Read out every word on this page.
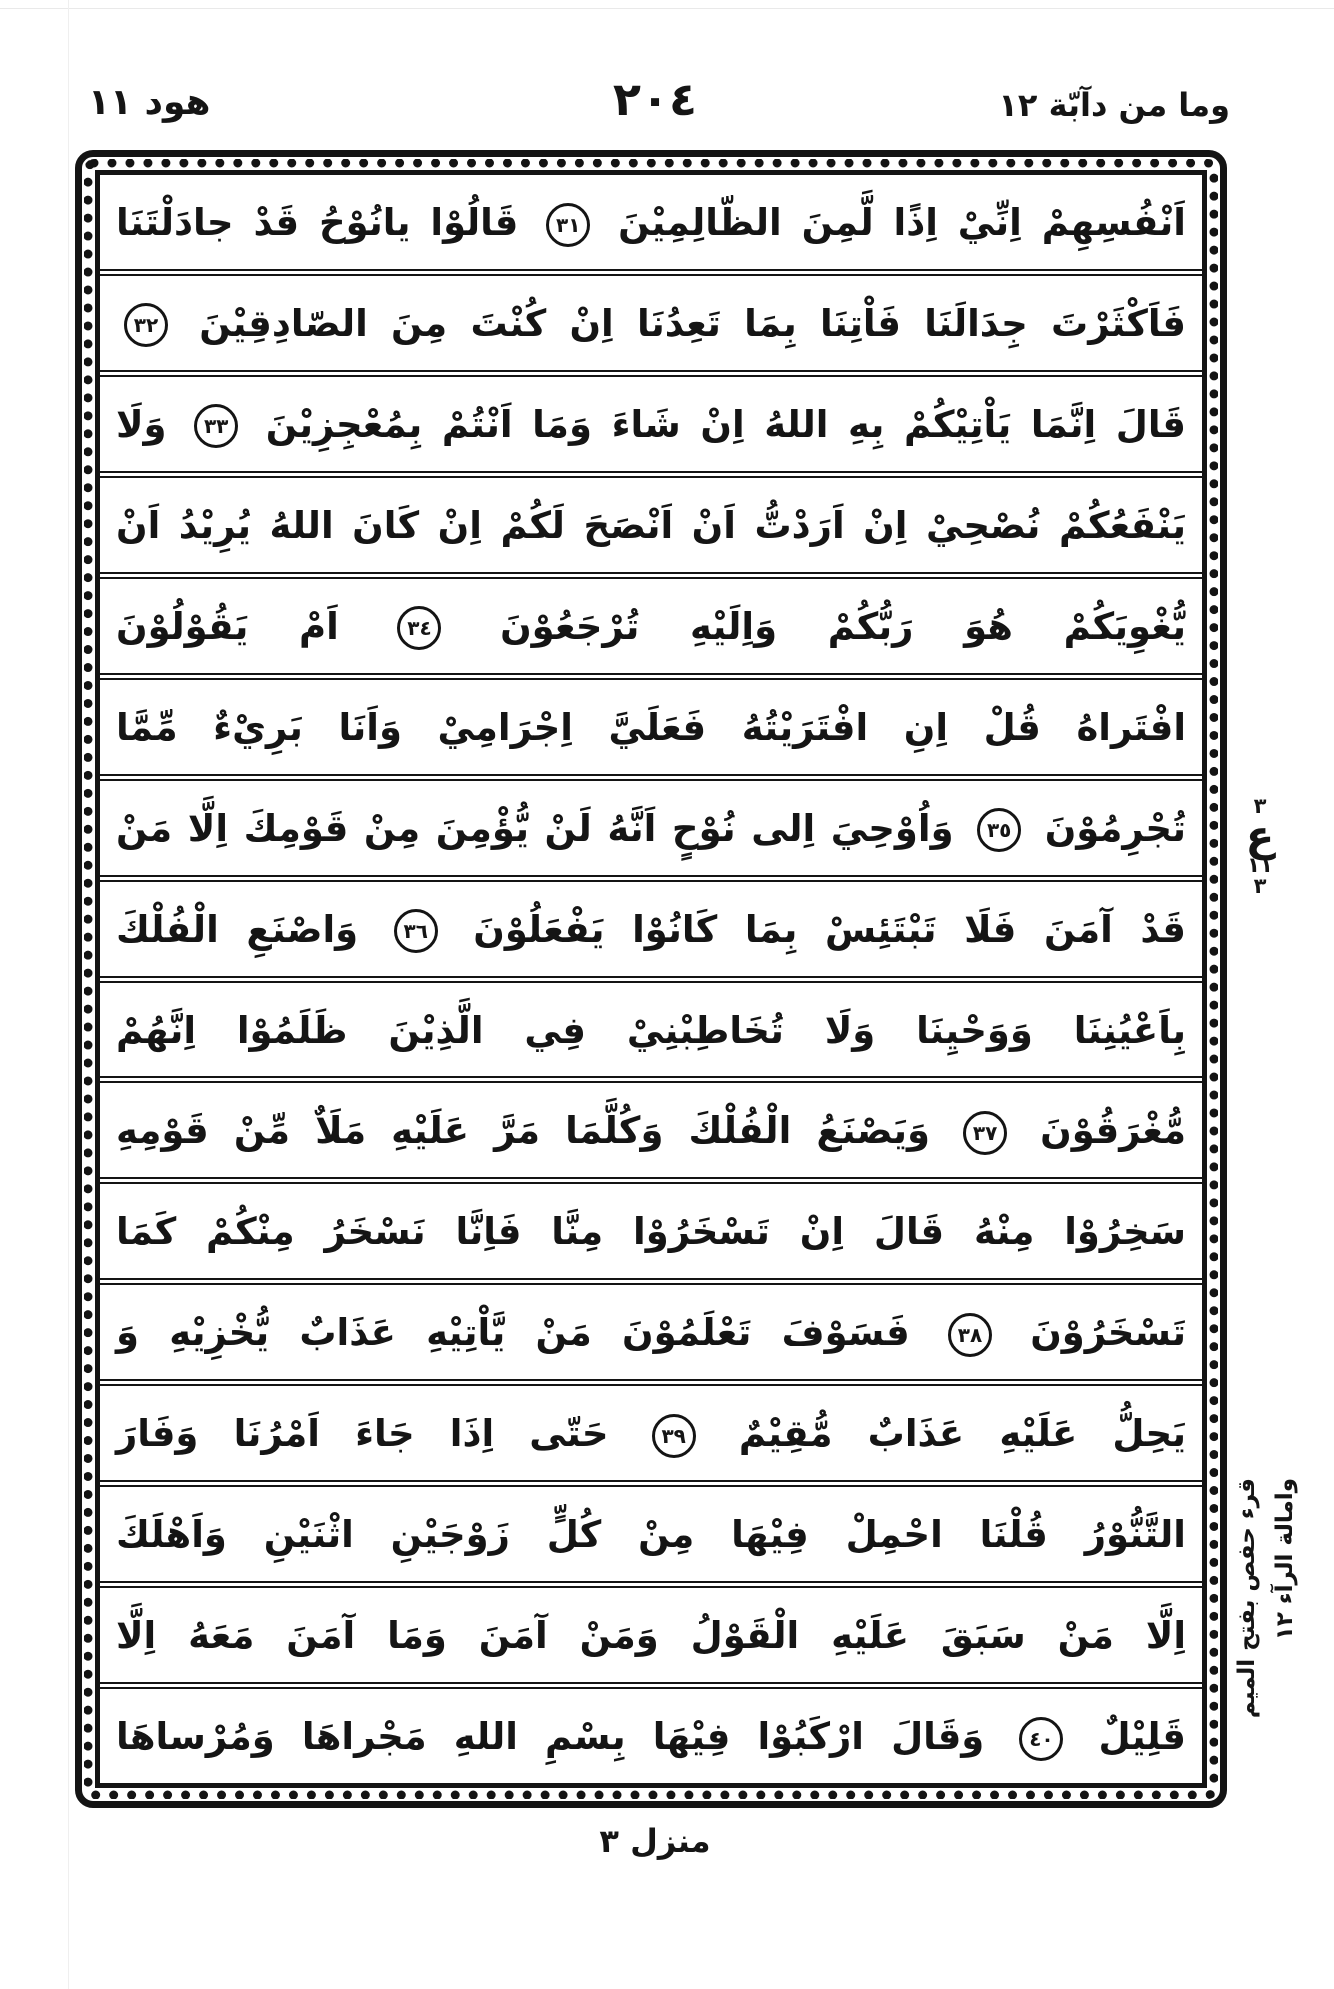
وما من دآبّة ١٢
٢٠٤
هود ١١
اَنْفُسِهِمْ اِنِّيْ اِذًا لَّمِنَ الظّالِمِيْنَ ٣١ قَالُوْا يانُوْحُ قَدْ جادَلْتَنَا
فَاَكْثَرْتَ جِدَالَنَا فَاْتِنَا بِمَا تَعِدُنَا اِنْ كُنْتَ مِنَ الصّادِقِيْنَ ٣٢
قَالَ اِنَّمَا يَاْتِيْكُمْ بِهِ اللهُ اِنْ شَاءَ وَمَا اَنْتُمْ بِمُعْجِزِيْنَ ٣٣ وَلَا
يَنْفَعُكُمْ نُصْحِيْ اِنْ اَرَدْتُّ اَنْ اَنْصَحَ لَكُمْ اِنْ كَانَ اللهُ يُرِيْدُ اَنْ
يُّغْوِيَكُمْ هُوَ رَبُّكُمْ وَاِلَيْهِ تُرْجَعُوْنَ ٣٤ اَمْ يَقُوْلُوْنَ
افْتَراهُ قُلْ اِنِ افْتَرَيْتُهُ فَعَلَيَّ اِجْرَامِيْ وَاَنَا بَرِيْءٌ مِّمَّا
تُجْرِمُوْنَ ٣٥ وَاُوْحِيَ اِلى نُوْحٍ اَنَّهُ لَنْ يُّؤْمِنَ مِنْ قَوْمِكَ اِلَّا مَنْ
قَدْ آمَنَ فَلَا تَبْتَئِسْ بِمَا كَانُوْا يَفْعَلُوْنَ ٣٦ وَاصْنَعِ الْفُلْكَ
بِاَعْيُنِنَا وَوَحْيِنَا وَلَا تُخَاطِبْنِيْ فِي الَّذِيْنَ ظَلَمُوْا اِنَّهُمْ
مُّغْرَقُوْنَ ٣٧ وَيَصْنَعُ الْفُلْكَ وَكُلَّمَا مَرَّ عَلَيْهِ مَلَاٌ مِّنْ قَوْمِهِ
سَخِرُوْا مِنْهُ قَالَ اِنْ تَسْخَرُوْا مِنَّا فَاِنَّا نَسْخَرُ مِنْكُمْ كَمَا
تَسْخَرُوْنَ ٣٨ فَسَوْفَ تَعْلَمُوْنَ مَنْ يَّاْتِيْهِ عَذَابٌ يُّخْزِيْهِ وَ
يَحِلُّ عَلَيْهِ عَذَابٌ مُّقِيْمٌ ٣٩ حَتّى اِذَا جَاءَ اَمْرُنَا وَفَارَ
التَّنُّوْرُ قُلْنَا احْمِلْ فِيْهَا مِنْ كُلٍّ زَوْجَيْنِ اثْنَيْنِ وَاَهْلَكَ
اِلَّا مَنْ سَبَقَ عَلَيْهِ الْقَوْلُ وَمَنْ آمَنَ وَمَا آمَنَ مَعَهُ اِلَّا
قَلِيْلٌ ٤٠ وَقَالَ ارْكَبُوْا فِيْهَا بِسْمِ اللهِ مَجْراهَا وَمُرْساهَا
٣
ع
١١
٣
قرء حفص بفتح الميم وامالة الرآء ١٢
منزل ٣
